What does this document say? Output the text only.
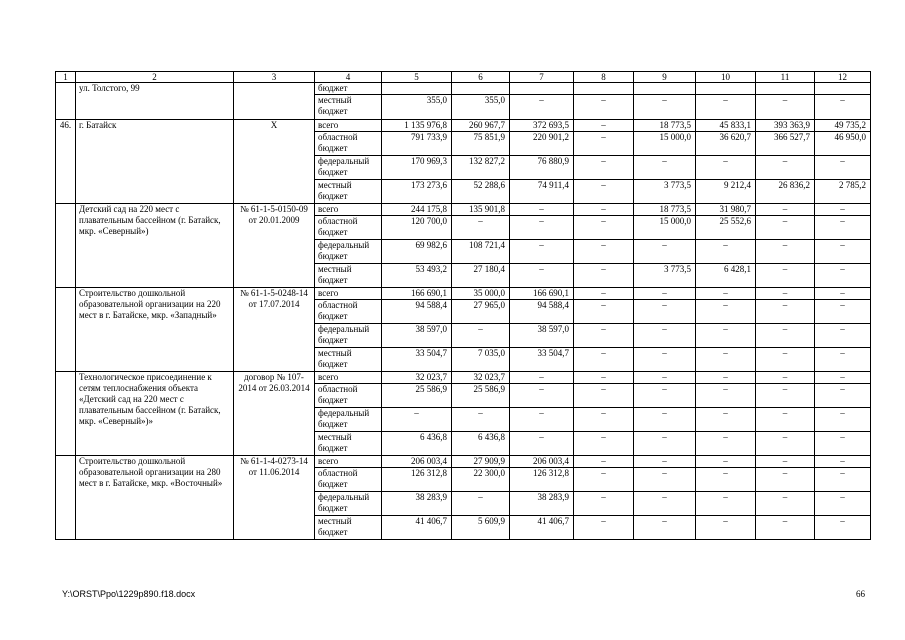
1	2	3	4	5	6	7	8	9	10	11	12
	ул. Толстого, 99		бюджет								
			местный бюджет	355,0	355,0	–	–	–	–	–	–
46.	г. Батайск	Х	всего	1 135 976,8	260 967,7	372 693,5	–	18 773,5	45 833,1	393 363,9	49 735,2
			областной бюджет	791 733,9	75 851,9	220 901,2	–	15 000,0	36 620,7	366 527,7	46 950,0
			федеральный бюджет	170 969,3	132 827,2	76 880,9	–	–	–	–	–
			местный бюджет	173 273,6	52 288,6	74 911,4	–	3 773,5	9 212,4	26 836,2	2 785,2
	Детский сад на 220 мест с плавательным бассейном (г. Батайск, мкр. «Северный»)	№ 61-1-5-0150-09 от 20.01.2009	всего	244 175,8	135 901,8	–	–	18 773,5	31 980,7	–	–
			областной бюджет	120 700,0	–	–	–	15 000,0	25 552,6	–	–
			федеральный бюджет	69 982,6	108 721,4	–	–	–	–	–	–
			местный бюджет	53 493,2	27 180,4	–	–	3 773,5	6 428,1	–	–
	Строительство дошкольной образовательной организации на 220 мест в г. Батайске, мкр. «Западный»	№ 61-1-5-0248-14 от 17.07.2014	всего	166 690,1	35 000,0	166 690,1	–	–	–	–	–
			областной бюджет	94 588,4	27 965,0	94 588,4	–	–	–	–	–
			федеральный бюджет	38 597,0	–	38 597,0	–	–	–	–	–
			местный бюджет	33 504,7	7 035,0	33 504,7	–	–	–	–	–
	Технологическое присоединение к сетям теплоснабжения объекта «Детский сад на 220 мест с плавательным бассейном (г. Батайск, мкр. «Северный»)»	договор № 107-2014 от 26.03.2014	всего	32 023,7	32 023,7	–	–	–	–	–	–
			областной бюджет	25 586,9	25 586,9	–	–	–	–	–	–
			федеральный бюджет	–	–	–	–	–	–	–	–
			местный бюджет	6 436,8	6 436,8	–	–	–	–	–	–
	Строительство дошкольной образовательной организации на 280 мест в г. Батайске, мкр. «Восточный»	№ 61-1-4-0273-14 от 11.06.2014	всего	206 003,4	27 909,9	206 003,4	–	–	–	–	–
			областной бюджет	126 312,8	22 300,0	126 312,8	–	–	–	–	–
			федеральный бюджет	38 283,9	–	38 283,9	–	–	–	–	–
			местный бюджет	41 406,7	5 609,9	41 406,7	–	–	–	–	–
Y:\ORST\Ppo\1229p890.f18.docx	66
